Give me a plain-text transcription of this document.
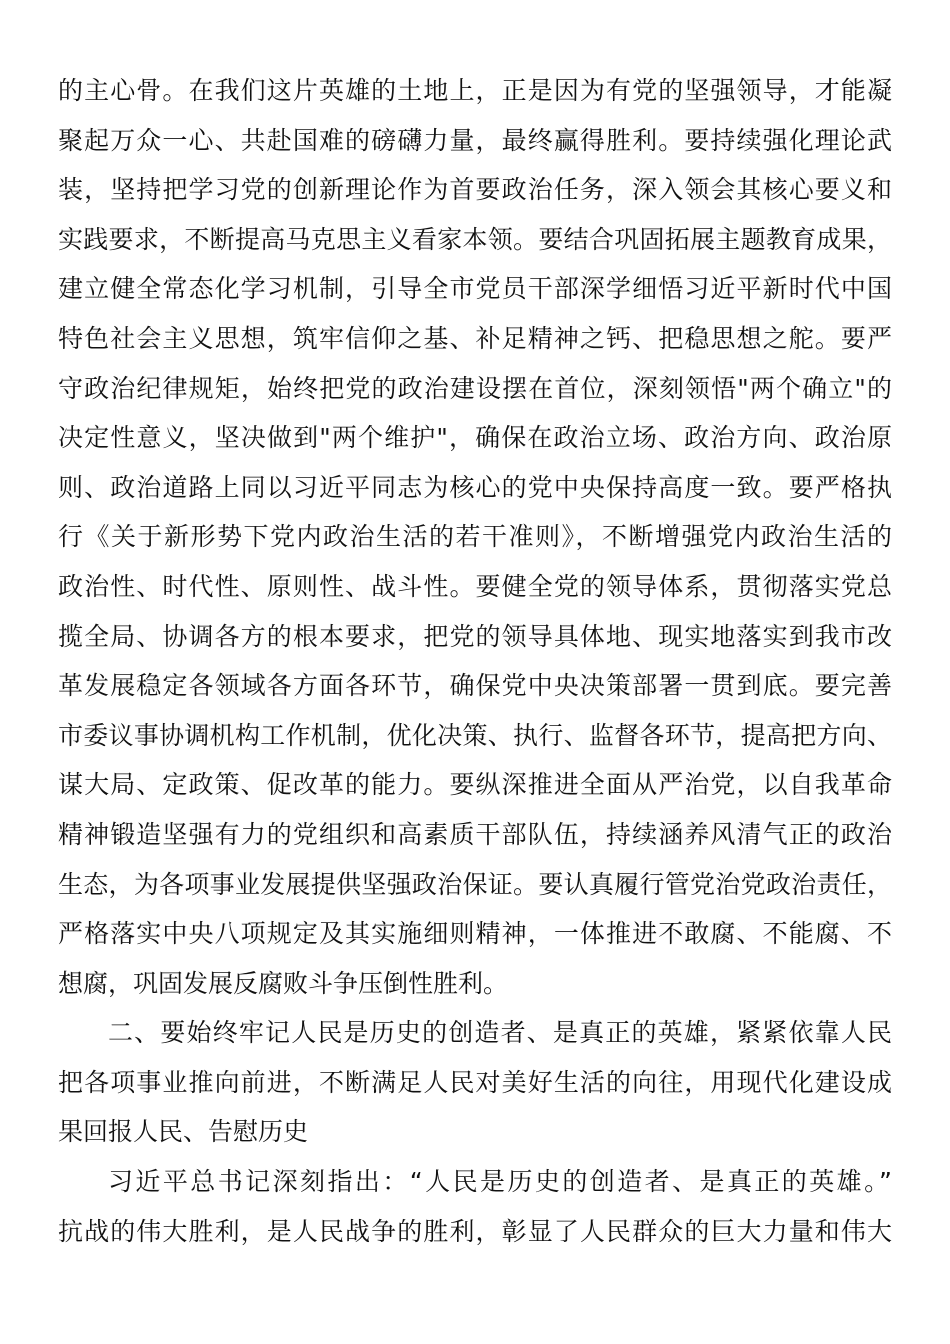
的主心骨。在我们这片英雄的土地上，正是因为有党的坚强领导，才能凝
聚起万众一心、共赴国难的磅礴力量，最终赢得胜利。要持续强化理论武
装，坚持把学习党的创新理论作为首要政治任务，深入领会其核心要义和
实践要求，不断提高马克思主义看家本领。要结合巩固拓展主题教育成果，
建立健全常态化学习机制，引导全市党员干部深学细悟习近平新时代中国
特色社会主义思想，筑牢信仰之基、补足精神之钙、把稳思想之舵。要严
守政治纪律规矩，始终把党的政治建设摆在首位，深刻领悟"两个确立"的
决定性意义，坚决做到"两个维护"，确保在政治立场、政治方向、政治原
则、政治道路上同以习近平同志为核心的党中央保持高度一致。要严格执
行《关于新形势下党内政治生活的若干准则》，不断增强党内政治生活的
政治性、时代性、原则性、战斗性。要健全党的领导体系，贯彻落实党总
揽全局、协调各方的根本要求，把党的领导具体地、现实地落实到我市改
革发展稳定各领域各方面各环节，确保党中央决策部署一贯到底。要完善
市委议事协调机构工作机制，优化决策、执行、监督各环节，提高把方向、
谋大局、定政策、促改革的能力。要纵深推进全面从严治党，以自我革命
精神锻造坚强有力的党组织和高素质干部队伍，持续涵养风清气正的政治
生态，为各项事业发展提供坚强政治保证。要认真履行管党治党政治责任，
严格落实中央八项规定及其实施细则精神，一体推进不敢腐、不能腐、不
想腐，巩固发展反腐败斗争压倒性胜利。
二、要始终牢记人民是历史的创造者、是真正的英雄，紧紧依靠人民
把各项事业推向前进，不断满足人民对美好生活的向往，用现代化建设成
果回报人民、告慰历史
习近平总书记深刻指出：“人民是历史的创造者、是真正的英雄。”
抗战的伟大胜利，是人民战争的胜利，彰显了人民群众的巨大力量和伟大
